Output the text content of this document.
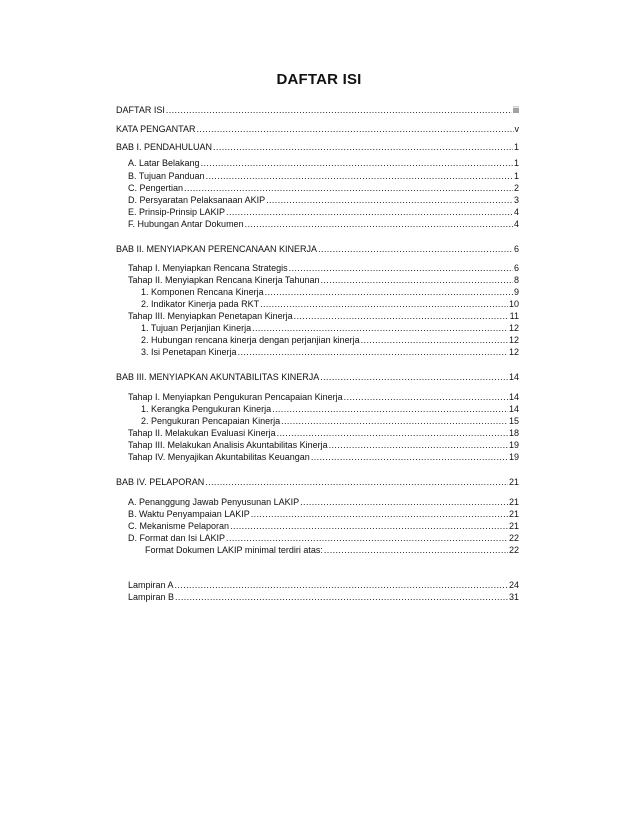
DAFTAR ISI
DAFTAR ISI .....	iii
KATA PENGANTAR .....	v
BAB I. PENDAHULUAN .....	1
A. Latar Belakang .....	1
B. Tujuan Panduan .....	1
C. Pengertian .....	2
D. Persyaratan Pelaksanaan AKIP .....	3
E. Prinsip-Prinsip LAKIP .....	4
F. Hubungan Antar Dokumen .....	4
BAB II. MENYIAPKAN PERENCANAAN KINERJA .....	6
Tahap I. Menyiapkan Rencana Strategis .....	6
Tahap II. Menyiapkan Rencana Kinerja Tahunan .....	8
1. Komponen Rencana Kinerja .....	9
2. Indikator Kinerja pada RKT .....	10
Tahap III. Menyiapkan Penetapan Kinerja .....	11
1. Tujuan Perjanjian Kinerja .....	12
2. Hubungan rencana kinerja dengan perjanjian kinerja .....	12
3. Isi Penetapan Kinerja .....	12
BAB III. MENYIAPKAN AKUNTABILITAS KINERJA .....	14
Tahap I. Menyiapkan Pengukuran Pencapaian Kinerja .....	14
1. Kerangka Pengukuran Kinerja .....	14
2. Pengukuran Pencapaian Kinerja .....	15
Tahap II. Melakukan Evaluasi Kinerja .....	18
Tahap III. Melakukan Analisis Akuntabilitas Kinerja .....	19
Tahap IV. Menyajikan Akuntabilitas Keuangan .....	19
BAB IV. PELAPORAN .....	21
A. Penanggung Jawab Penyusunan LAKIP .....	21
B. Waktu Penyampaian LAKIP .....	21
C. Mekanisme Pelaporan .....	21
D. Format dan Isi LAKIP .....	22
Format Dokumen LAKIP minimal terdiri atas: .....	22
Lampiran A .....	24
Lampiran B .....	31
